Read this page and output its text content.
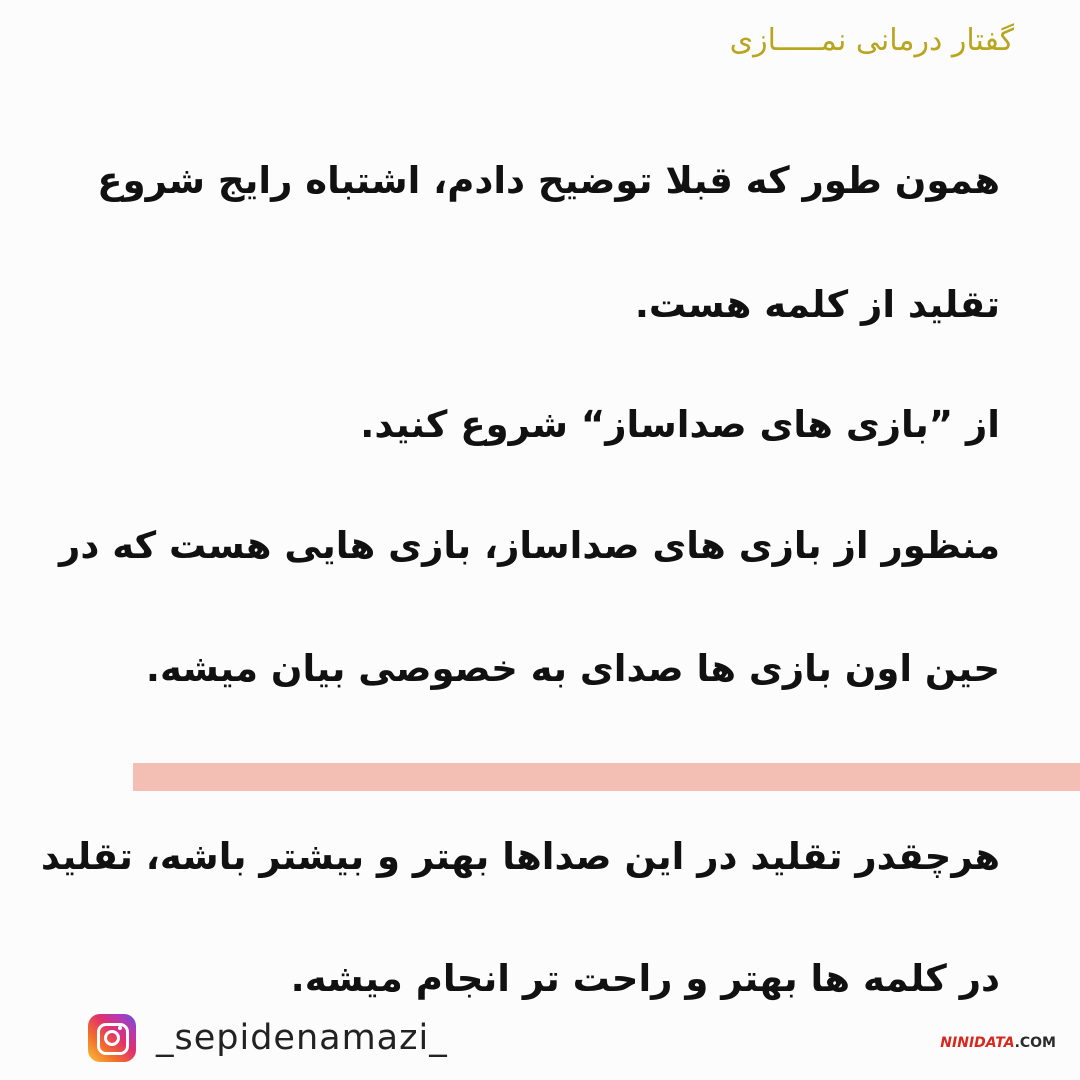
گفتار درمانی نمـــــازی
همون طور که قبلا توضیح دادم، اشتباه رایج شروع
تقلید از کلمه هست.
از ”بازی های صداساز“ شروع کنید.
منظور از بازی های صداساز، بازی هایی هست که در
حین اون بازی ها صدای به خصوصی بیان میشه.
هرچقدر تقلید در این صداها بهتر و بیشتر باشه، تقلید
در کلمه ها بهتر و راحت تر انجام میشه.
_sepidenamazi_	NINIDATA.COM
